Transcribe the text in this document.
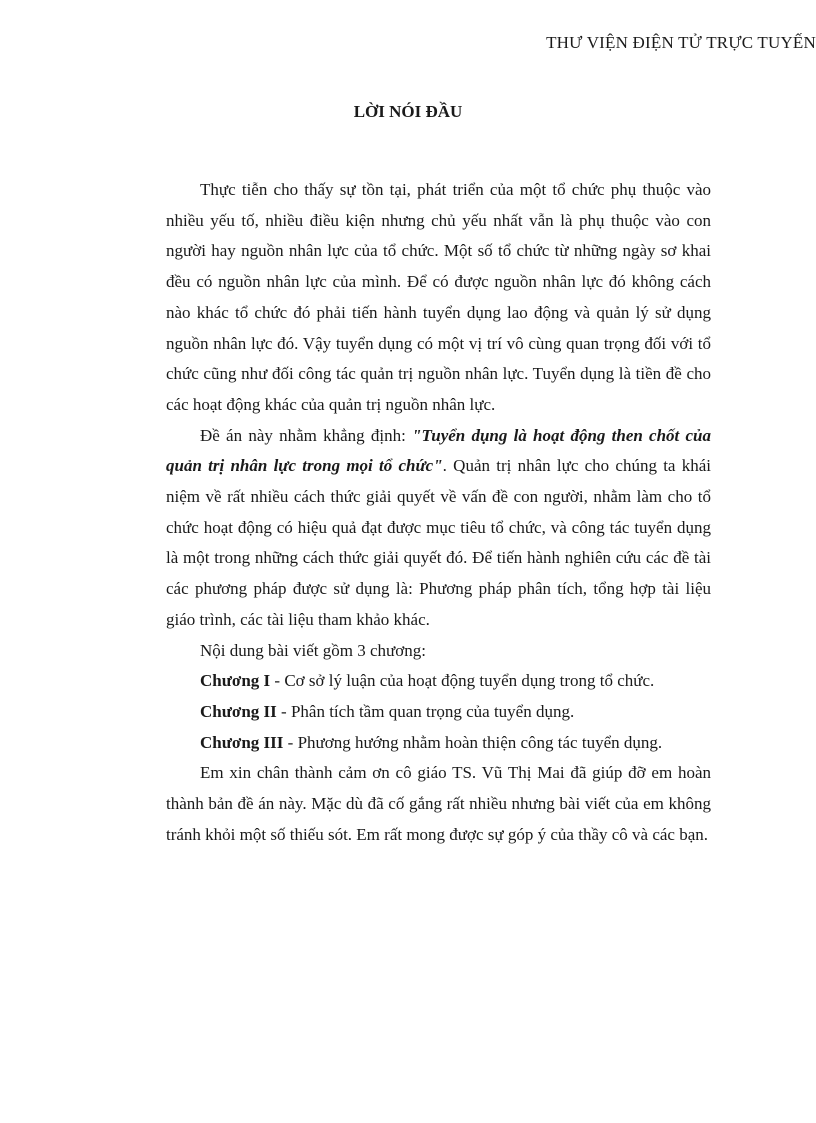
THƯ VIỆN ĐIỆN TỬ TRỰC TUYẾN
LỜI NÓI ĐẦU

Thực tiễn cho thấy sự tồn tại, phát triển của một tổ chức phụ thuộc vào nhiều yếu tố, nhiều điều kiện nhưng chủ yếu nhất vẫn là phụ thuộc vào con người hay nguồn nhân lực của tổ chức. Một số tổ chức từ những ngày sơ khai đều có nguồn nhân lực của mình. Để có được nguồn nhân lực đó không cách nào khác tổ chức đó phải tiến hành tuyển dụng lao động và quản lý sử dụng nguồn nhân lực đó. Vậy tuyển dụng có một vị trí vô cùng quan trọng đối với tổ chức cũng như đối công tác quản trị nguồn nhân lực. Tuyển dụng là tiền đề cho các hoạt động khác của quản trị nguồn nhân lực.

Đề án này nhằm khẳng định: "Tuyển dụng là hoạt động then chốt của quản trị nhân lực trong mọi tổ chức". Quản trị nhân lực cho chúng ta khái niệm về rất nhiều cách thức giải quyết về vấn đề con người, nhằm làm cho tổ chức hoạt động có hiệu quả đạt được mục tiêu tổ chức, và công tác tuyển dụng là một trong những cách thức giải quyết đó. Để tiến hành nghiên cứu các đề tài các phương pháp được sử dụng là: Phương pháp phân tích, tổng hợp tài liệu giáo trình, các tài liệu tham khảo khác.

Nội dung bài viết gồm 3 chương:

Chương I - Cơ sở lý luận của hoạt động tuyển dụng trong tổ chức.

Chương II - Phân tích tầm quan trọng của tuyển dụng.

Chương III - Phương hướng nhằm hoàn thiện công tác tuyển dụng.

Em xin chân thành cảm ơn cô giáo TS. Vũ Thị Mai đã giúp đỡ em hoàn thành bản đề án này. Mặc dù đã cố gắng rất nhiều nhưng bài viết của em không tránh khỏi một số thiếu sót. Em rất mong được sự góp ý của thầy cô và các bạn.
